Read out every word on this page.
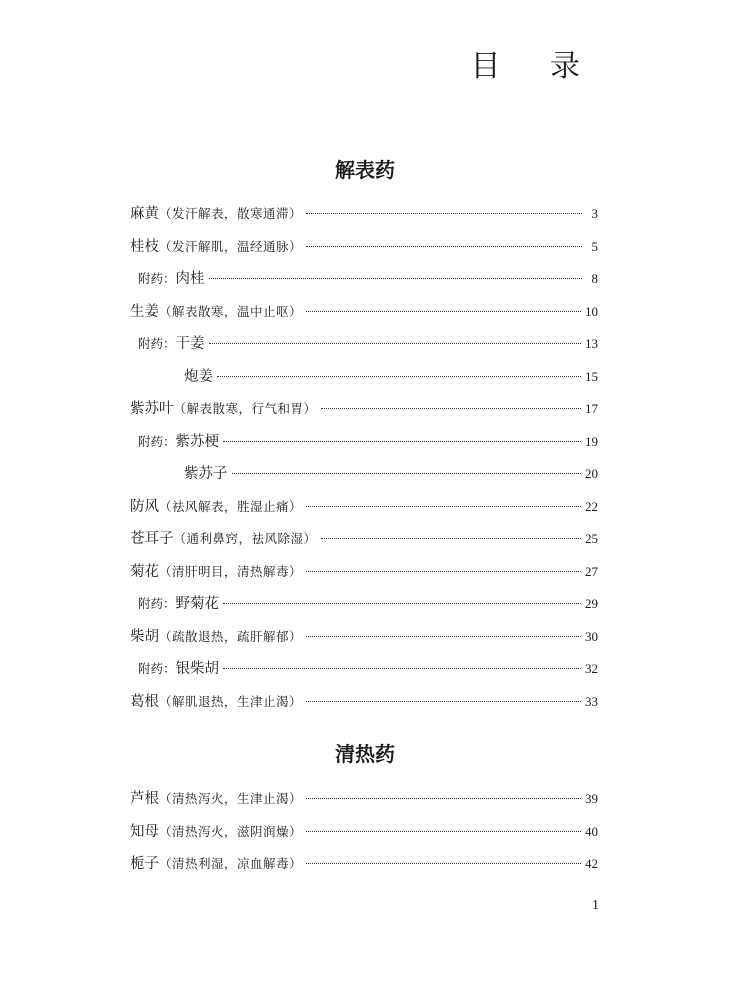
目 录
解表药
麻黄 （发汗解表，散寒通滞）	3
桂枝 （发汗解肌，温经通脉）	5
附药： 肉桂	8
生姜 （解表散寒，温中止呕）	10
附药： 干姜	13
炮姜	15
紫苏叶 （解表散寒，行气和胃）	17
附药： 紫苏梗	19
紫苏子	20
防风 （祛风解表，胜湿止痛）	22
苍耳子 （通利鼻窍，祛风除湿）	25
菊花 （清肝明目，清热解毒）	27
附药： 野菊花	29
柴胡 （疏散退热，疏肝解郁）	30
附药： 银柴胡	32
葛根 （解肌退热，生津止渴）	33
清热药
芦根 （清热泻火，生津止渴）	39
知母 （清热泻火，滋阴润燥）	40
栀子 （清热利湿，凉血解毒）	42
1
